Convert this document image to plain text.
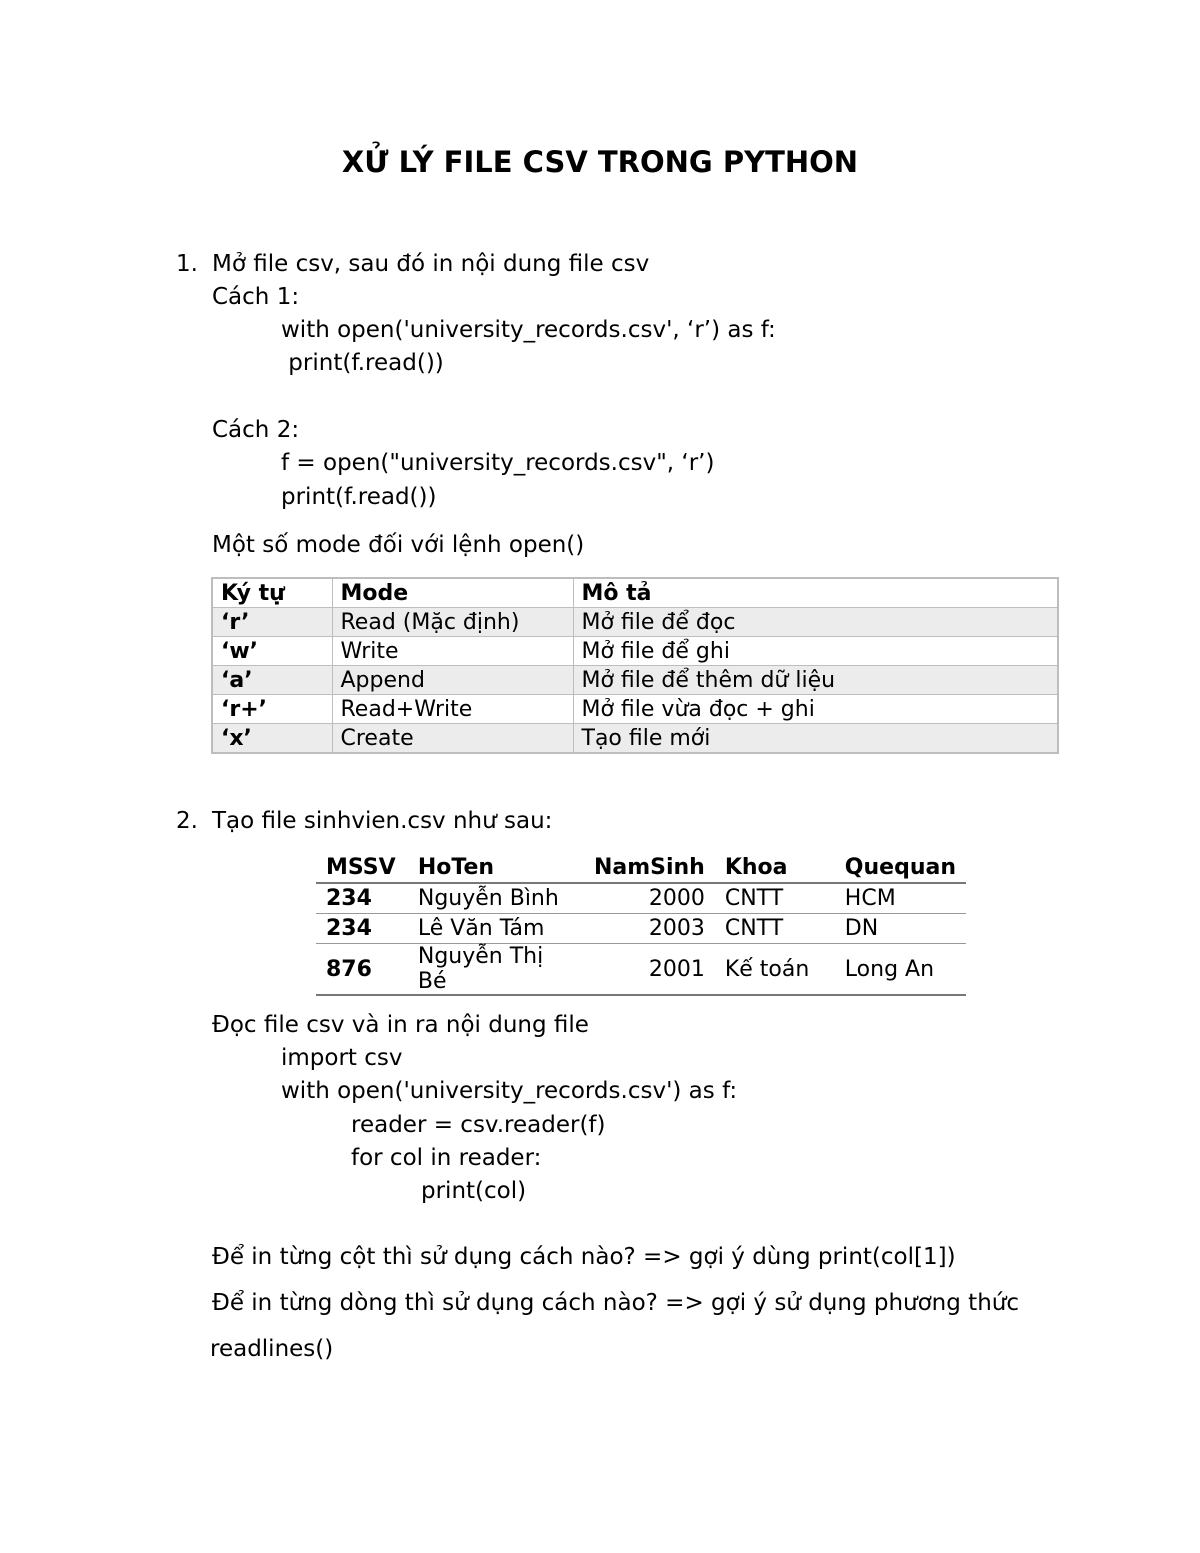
XỬ LÝ FILE CSV TRONG PYTHON
1. Mở file csv, sau đó in nội dung file csv
Cách 1:
with open('university_records.csv', ‘r’) as f:
print(f.read())
Cách 2:
f = open("university_records.csv", ‘r’)
print(f.read())
Một số mode đối với lệnh open()
Ký tự	Mode	Mô tả
‘r’	Read (Mặc định)	Mở file để đọc
‘w’	Write	Mở file để ghi
‘a’	Append	Mở file để thêm dữ liệu
‘r+’	Read+Write	Mở file vừa đọc + ghi
‘x’	Create	Tạo file mới
2. Tạo file sinhvien.csv như sau:
MSSV	HoTen	NamSinh	Khoa	Quequan
234	Nguyễn Bình	2000	CNTT	HCM
234	Lê Văn Tám	2003	CNTT	DN
876	Nguyễn Thị Bé	2001	Kế toán	Long An
Đọc file csv và in ra nội dung file
import csv
with open('university_records.csv') as f:
reader = csv.reader(f)
for col in reader:
print(col)
Để in từng cột thì sử dụng cách nào? => gợi ý dùng print(col[1])
Để in từng dòng thì sử dụng cách nào? => gợi ý sử dụng phương thức
readlines()
